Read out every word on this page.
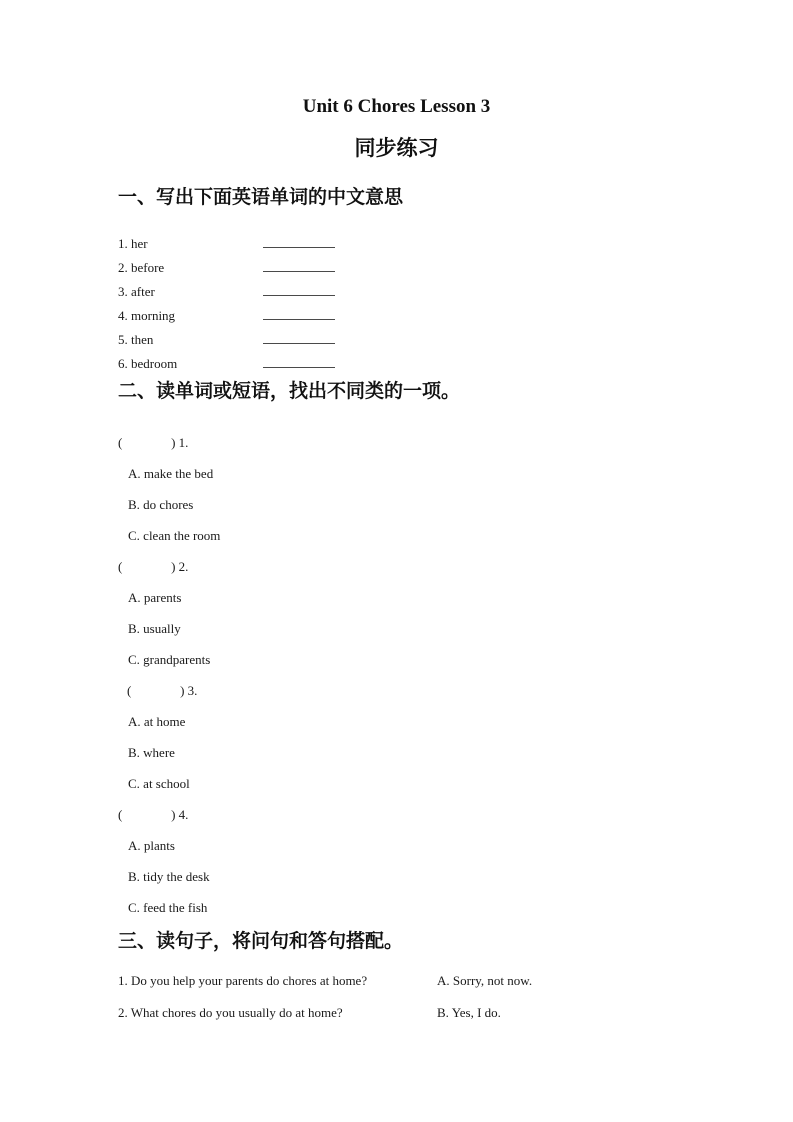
Unit 6 Chores Lesson 3
同步练习
一、写出下面英语单词的中文意思
1. her
2. before
3. after
4. morning
5. then
6. bedroom
二、读单词或短语，找出不同类的一项。
(               ) 1.
A. make the bed
B. do chores
C. clean the room
(               ) 2.
A. parents
B. usually
C. grandparents
(               ) 3.
A. at home
B. where
C. at school
(               ) 4.
A. plants
B. tidy the desk
C. feed the fish
三、读句子，将问句和答句搭配。
1. Do you help your parents do chores at home?	A. Sorry, not now.
2. What chores do you usually do at home?	B. Yes, I do.
